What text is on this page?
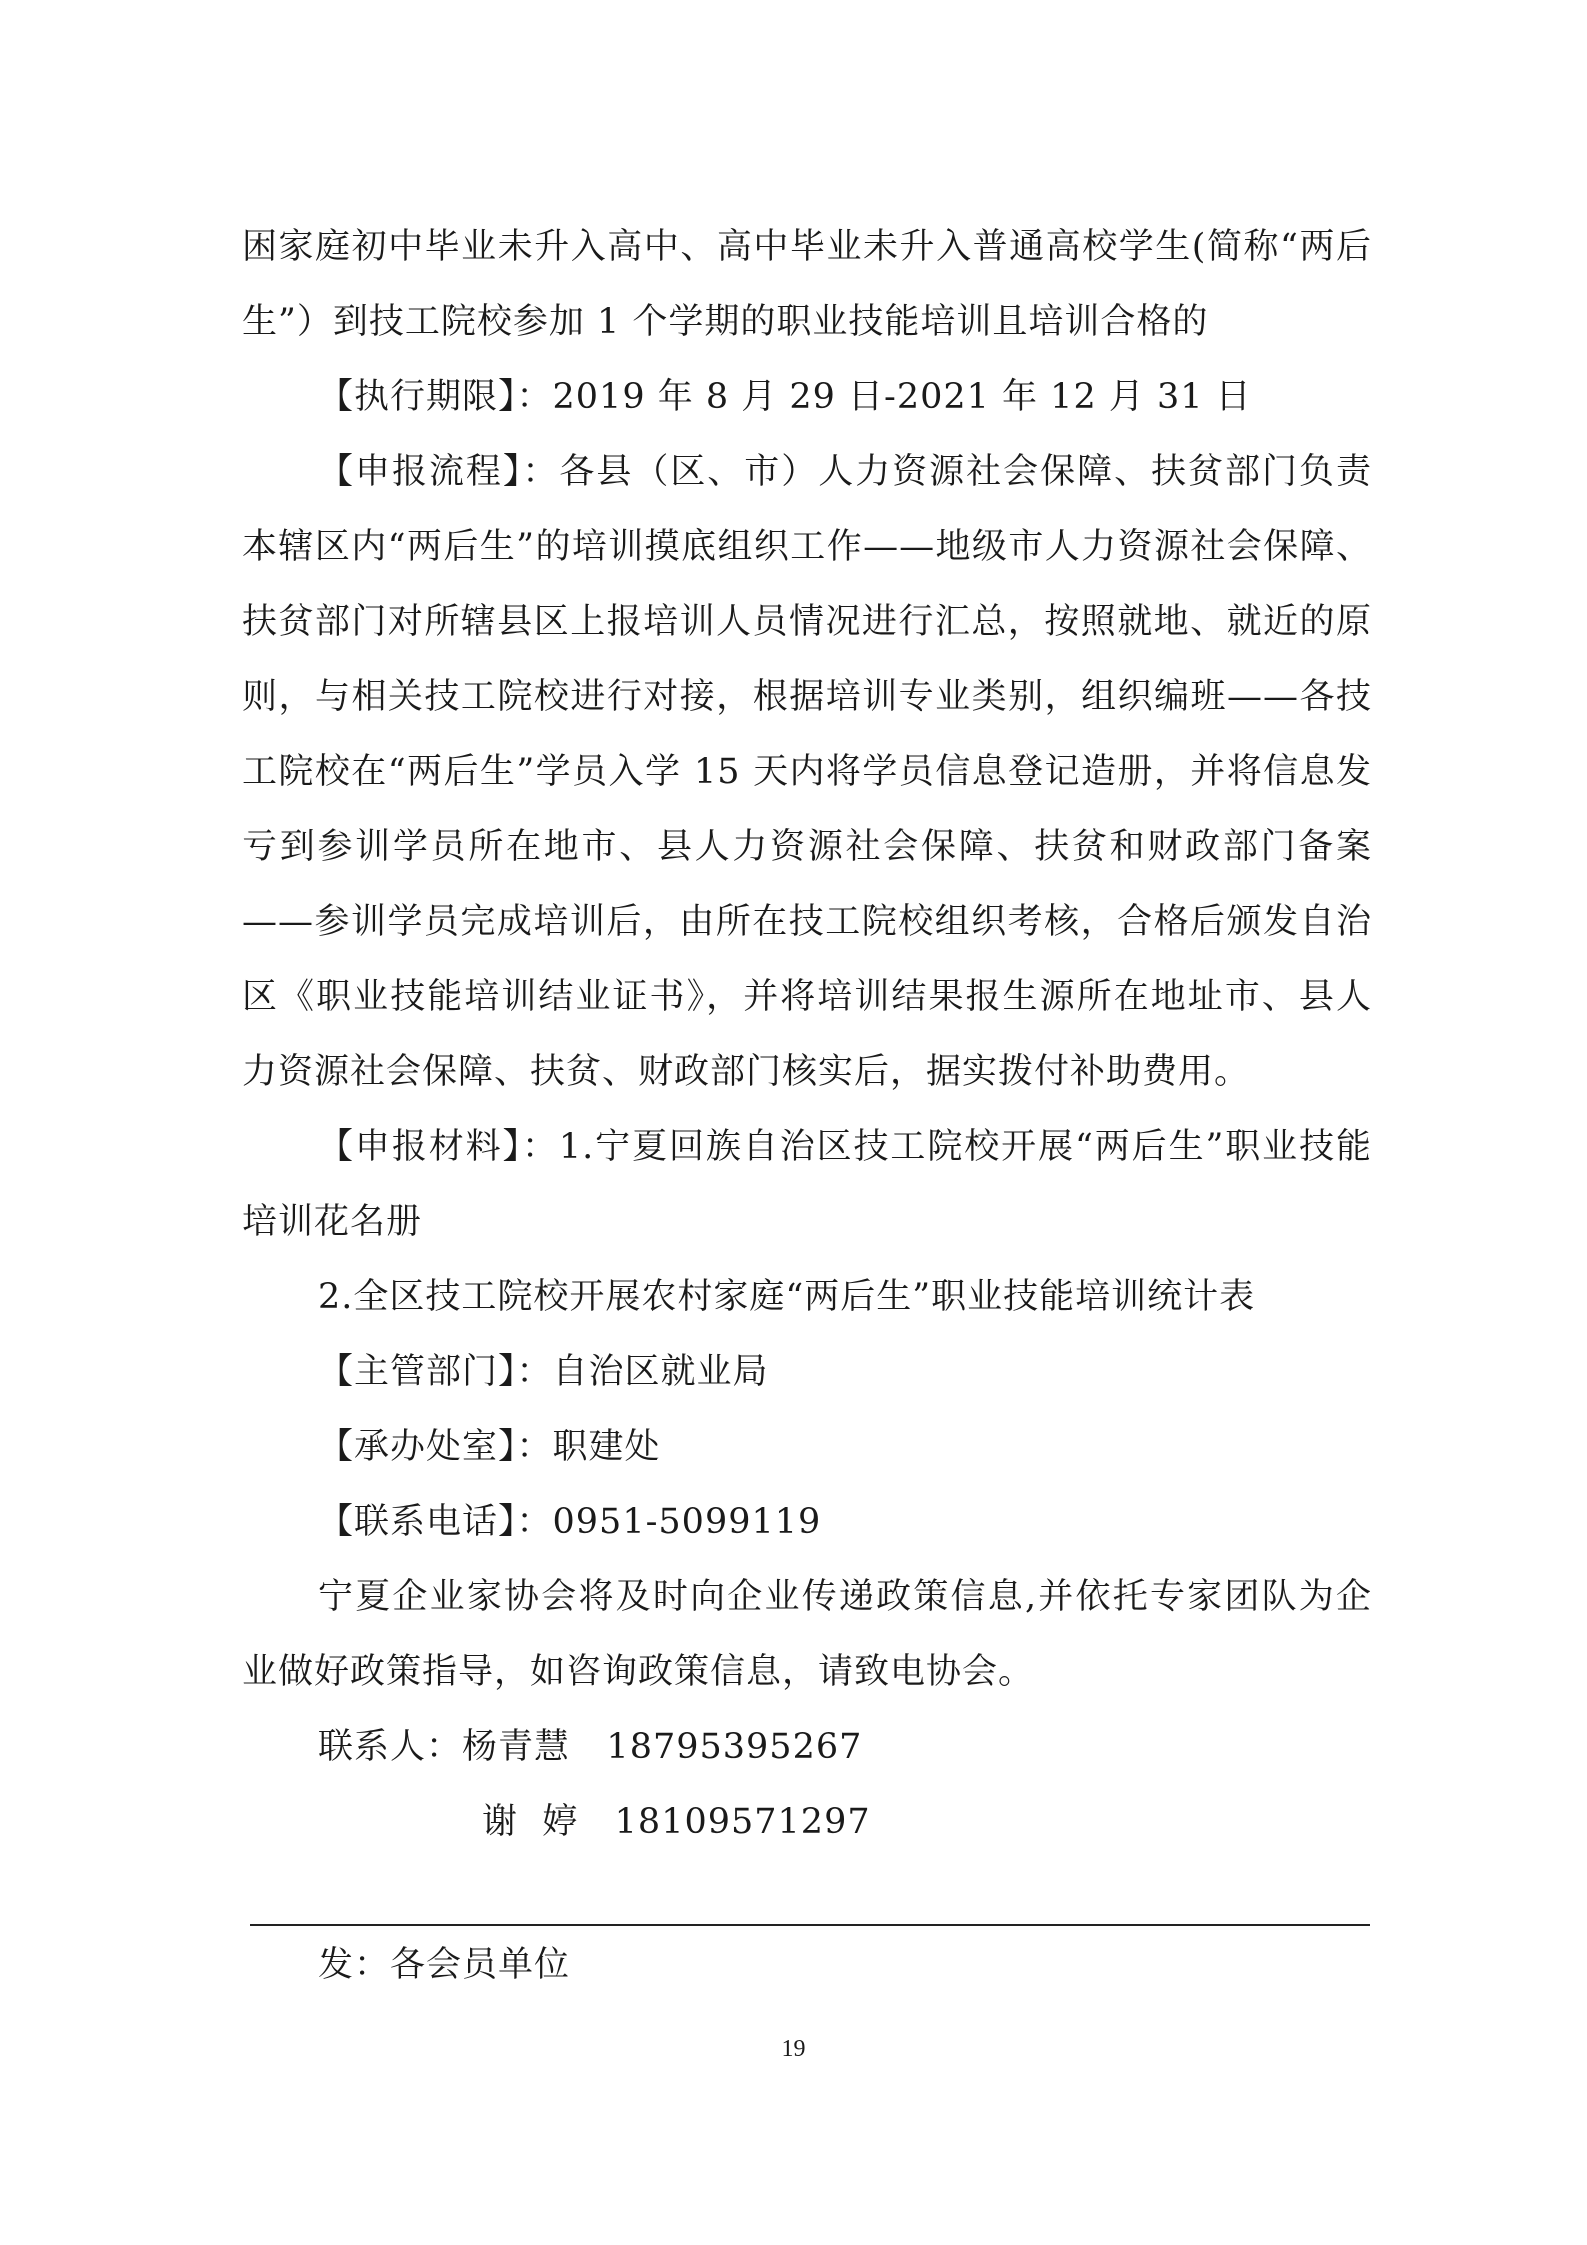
困家庭初中毕业未升入高中、高中毕业未升入普通高校学生(简称“两后生”）到技工院校参加 1 个学期的职业技能培训且培训合格的

【执行期限】：2019 年 8 月 29 日-2021 年 12 月 31 日

【申报流程】：各县（区、市）人力资源社会保障、扶贫部门负责本辖区内“两后生”的培训摸底组织工作——地级市人力资源社会保障、扶贫部门对所辖县区上报培训人员情况进行汇总，按照就地、就近的原则，与相关技工院校进行对接，根据培训专业类别，组织编班——各技工院校在“两后生”学员入学 15 天内将学员信息登记造册，并将信息发亏到参训学员所在地市、县人力资源社会保障、扶贫和财政部门备案——参训学员完成培训后，由所在技工院校组织考核，合格后颁发自治区《职业技能培训结业证书》，并将培训结果报生源所在地址市、县人力资源社会保障、扶贫、财政部门核实后，据实拨付补助费用。

【申报材料】：1.宁夏回族自治区技工院校开展“两后生”职业技能培训花名册

2.全区技工院校开展农村家庭“两后生”职业技能培训统计表

【主管部门】：自治区就业局

【承办处室】：职建处

【联系电话】：0951-5099119

宁夏企业家协会将及时向企业传递政策信息,并依托专家团队为企业做好政策指导，如咨询政策信息，请致电协会。

联系人：杨青慧 18795395267

谢  婷 18109571297

发：各会员单位
19
